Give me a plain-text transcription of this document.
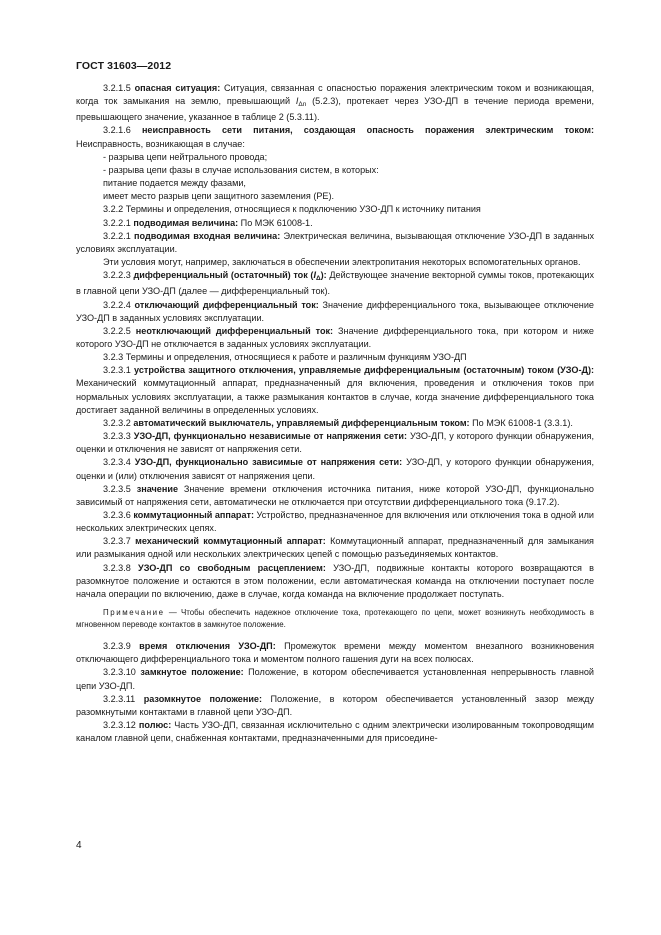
ГОСТ 31603—2012

3.2.1.5 опасная ситуация: Ситуация, связанная с опасностью поражения электрическим током и возникающая, когда ток замыкания на землю, превышающий $I_{\Delta n}$ (5.2.3), протекает через УЗО-ДП в течение периода времени, превышающего значение, указанное в таблице 2 (5.3.11).

3.2.1.6 неисправность сети питания, создающая опасность поражения электрическим током: Неисправность, возникающая в случае:

- разрыва цепи нейтрального провода;

- разрыва цепи фазы в случае использования систем, в которых:

питание подается между фазами,

имеет место разрыв цепи защитного заземления (РЕ).

3.2.2 Термины и определения, относящиеся к подключению УЗО-ДП к источнику питания

3.2.2.1 подводимая величина: По МЭК 61008-1.

3.2.2.1 подводимая входная величина: Электрическая величина, вызывающая отключение УЗО-ДП в заданных условиях эксплуатации.

Эти условия могут, например, заключаться в обеспечении электропитания некоторых вспомогательных органов.

3.2.2.3 дифференциальный (остаточный) ток $(I_\Delta)$: Действующее значение векторной суммы токов, протекающих в главной цепи УЗО-ДП (далее — дифференциальный ток).

3.2.2.4 отключающий дифференциальный ток: Значение дифференциального тока, вызывающее отключение УЗО-ДП в заданных условиях эксплуатации.

3.2.2.5 неотключающий дифференциальный ток: Значение дифференциального тока, при котором и ниже которого УЗО-ДП не отключается в заданных условиях эксплуатации.

3.2.3 Термины и определения, относящиеся к работе и различным функциям УЗО-ДП

3.2.3.1 устройства защитного отключения, управляемые дифференциальным (остаточным) током (УЗО-Д): Механический коммутационный аппарат, предназначенный для включения, проведения и отключения токов при нормальных условиях эксплуатации, а также размыкания контактов в случае, когда значение дифференциального тока достигает заданной величины в определенных условиях.

3.2.3.2 автоматический выключатель, управляемый дифференциальным током: По МЭК 61008-1 (3.3.1).

3.2.3.3 УЗО-ДП, функционально независимые от напряжения сети: УЗО-ДП, у которого функции обнаружения, оценки и отключения не зависят от напряжения сети.

3.2.3.4 УЗО-ДП, функционально зависимые от напряжения сети: УЗО-ДП, у которого функции обнаружения, оценки и (или) отключения зависят от напряжения цепи.

3.2.3.5 значение Значение времени отключения источника питания, ниже которой УЗО-ДП, функционально зависимый от напряжения сети, автоматически не отключается при отсутствии дифференциального тока (9.17.2).

3.2.3.6 коммутационный аппарат: Устройство, предназначенное для включения или отключения тока в одной или нескольких электрических цепях.

3.2.3.7 механический коммутационный аппарат: Коммутационный аппарат, предназначенный для замыкания или размыкания одной или нескольких электрических цепей с помощью разъединяемых контактов.

3.2.3.8 УЗО-ДП со свободным расцеплением: УЗО-ДП, подвижные контакты которого возвращаются в разомкнутое положение и остаются в этом положении, если автоматическая команда на отключении поступает после начала операции по включению, даже в случае, когда команда на включение продолжает поступать.

Примечание — Чтобы обеспечить надежное отключение тока, протекающего по цепи, может возникнуть необходимость в мгновенном переводе контактов в замкнутое положение.

3.2.3.9 время отключения УЗО-ДП: Промежуток времени между моментом внезапного возникновения отключающего дифференциального тока и моментом полного гашения дуги на всех полюсах.

3.2.3.10 замкнутое положение: Положение, в котором обеспечивается установленная непрерывность главной цепи УЗО-ДП.

3.2.3.11 разомкнутое положение: Положение, в котором обеспечивается установленный зазор между разомкнутыми контактами в главной цепи УЗО-ДП.

3.2.3.12 полюс: Часть УЗО-ДП, связанная исключительно с одним электрически изолированным токопроводящим каналом главной цепи, снабженная контактами, предназначенными для присоедине-

4
